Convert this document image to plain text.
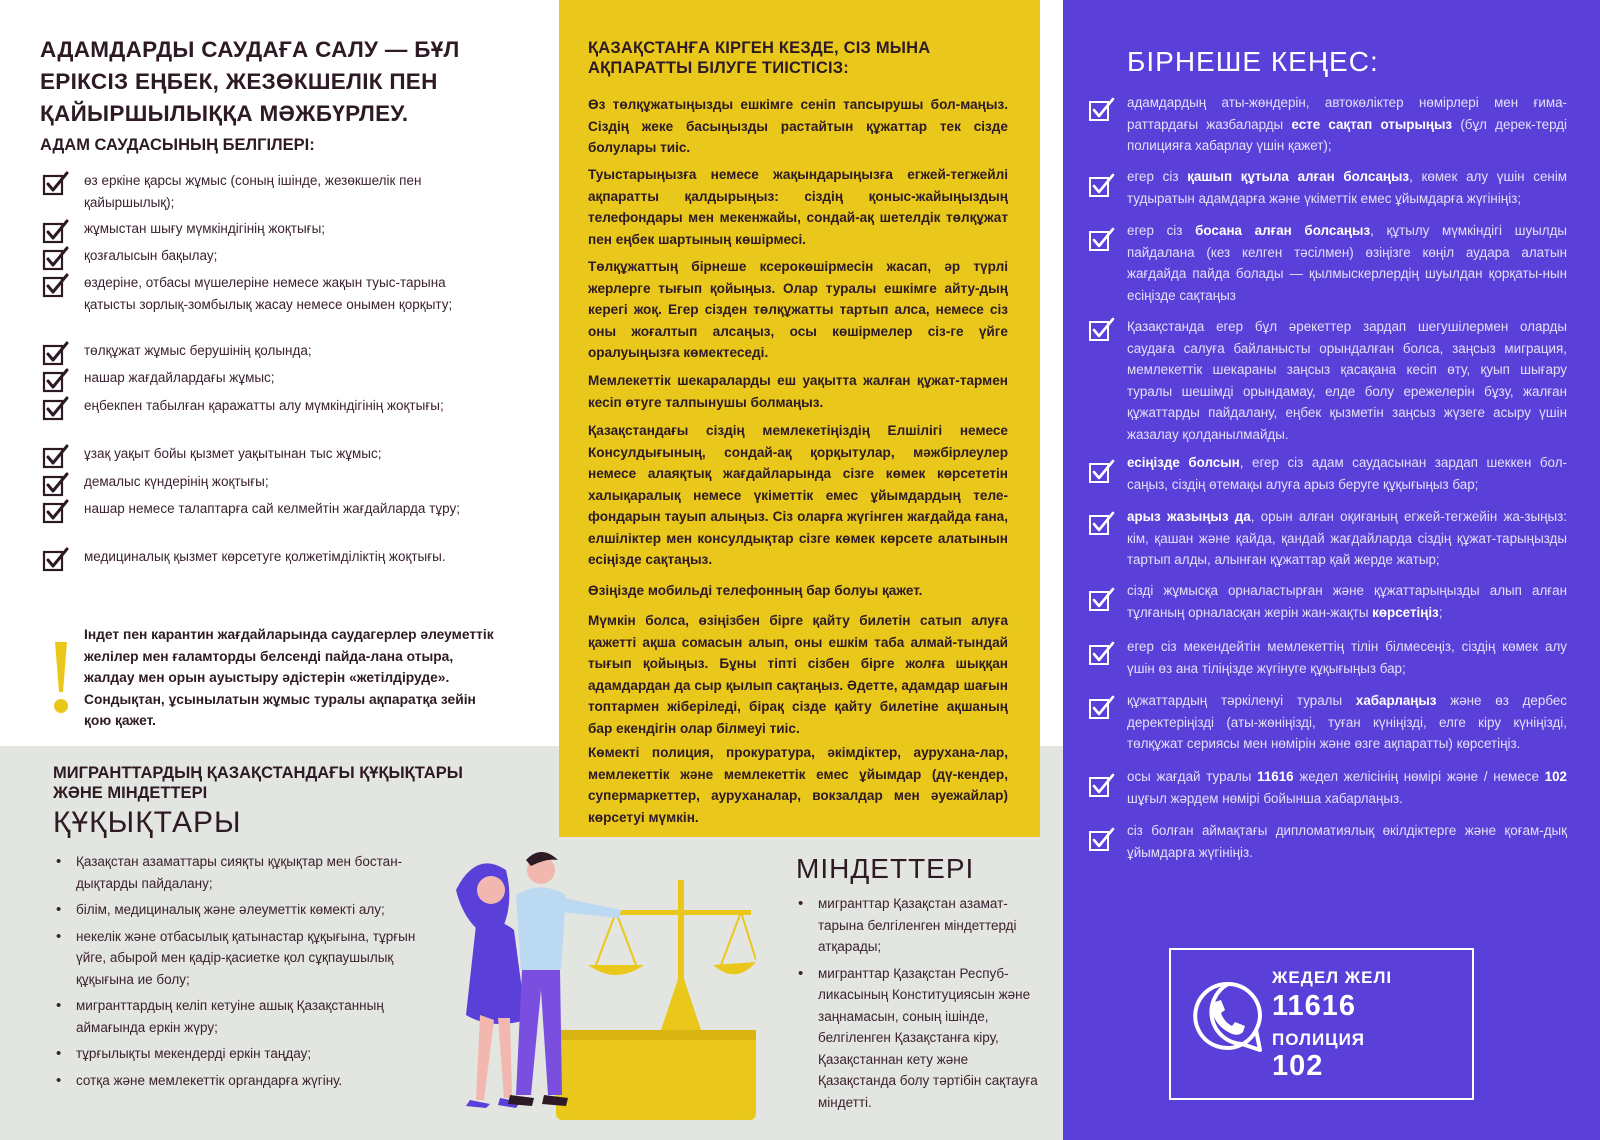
АДАМДАРДЫ САУДАҒА САЛУ — БҰЛ ЕРІКСІЗ ЕҢБЕК, ЖЕЗӨКШЕЛІК ПЕН ҚАЙЫРШЫЛЫҚҚА МӘЖБҮРЛЕУ.
АДАМ САУДАСЫНЫҢ БЕЛГІЛЕРІ:
өз еркіне қарсы жұмыс (соның ішінде, жезөкшелік пен қайыршылық);
жұмыстан шығу мүмкіндігінің жоқтығы;
қозғалысын бақылау;
өздеріне, отбасы мүшелеріне немесе жақын туыс-тарына қатысты зорлық-зомбылық жасау немесе онымен қорқыту;
төлқұжат жұмыс берушінің қолында;
нашар жағдайлардағы жұмыс;
еңбекпен табылған қаражатты алу мүмкіндігінің жоқтығы;
ұзақ уақыт бойы қызмет уақытынан тыс жұмыс;
демалыс күндерінің жоқтығы;
нашар немесе талаптарға сай келмейтін жағдайларда тұру;
медициналық қызмет көрсетуге қолжетімділіктің жоқтығы.
Індет пен карантин жағдайларында саудагерлер әлеуметтік желілер мен ғаламторды белсенді пайда-лана отыра, жалдау мен орын ауыстыру әдістерін «жетілдіруде». Сондықтан, ұсынылатын жұмыс туралы ақпаратқа зейін қою қажет.
МИГРАНТТАРДЫҢ ҚАЗАҚСТАНДАҒЫ ҚҰҚЫҚТАРЫ ЖӘНЕ МІНДЕТТЕРІ
ҚҰҚЫҚТАРЫ
• Қазақстан азаматтары сияқты құқықтар мен бостан-дықтарды пайдалану;
• білім, медициналық және әлеуметтік көмекті алу;
• некелік және отбасылық қатынастар құқығына, тұрғын үйге, абырой мен қадір-қасиетке қол сұқпаушылық құқығына ие болу;
• мигранттардың келіп кетуіне ашық Қазақстанның аймағында еркін жүру;
• тұрғылықты мекендерді еркін таңдау;
• сотқа және мемлекеттік органдарға жүгіну.
МІНДЕТТЕРІ
• мигранттар Қазақстан азамат-тарына белгіленген міндеттерді атқарады;
• мигранттар Қазақстан Респуб-ликасының Конституциясын және заңнамасын, соның ішінде, белгіленген Қазақстанға кіру, Қазақстаннан кету және Қазақстанда болу тәртібін сақтауға міндетті.
ҚАЗАҚСТАНҒА КІРГЕН КЕЗДЕ, СІЗ МЫНА АҚПАРАТТЫ БІЛУГЕ ТИІСТІСІЗ:

Өз төлқұжатыңызды ешкімге сеніп тапсырушы бол-маңыз. Сіздің жеке басыңызды растайтын құжаттар тек сізде болулары тиіс.

Туыстарыңызға немесе жақындарыңызға егжей-тегжейлі ақпаратты қалдырыңыз: сіздің қоныс-жайыңыздың телефондары мен мекенжайы, сондай-ақ шетелдік төлқұжат пен еңбек шартының көшірмесі.

Төлқұжаттың бірнеше ксерокөшірмесін жасап, әр түрлі жерлерге тығып қойыңыз. Олар туралы ешкімге айту-дың керегі жоқ. Егер сізден төлқұжатты тартып алса, немесе сіз оны жоғалтып алсаңыз, осы көшірмелер сіз-ге үйге оралуыңызға көмектеседі.

Мемлекеттік шекараларды еш уақытта жалған құжат-тармен кесіп өтуге талпынушы болмаңыз.

Қазақстандағы сіздің мемлекетіңіздің Елшілігі немесе Консулдығының, сондай-ақ қорқытулар, мәжбірлеулер немесе алаяқтық жағдайларында сізге көмек көрсететін халықаралық немесе үкіметтік емес ұйымдардың теле-фондарын тауып алыңыз. Сіз оларға жүгінген жағдайда ғана, елшіліктер мен консулдықтар сізге көмек көрсете алатынын есіңізде сақтаңыз.

Өзіңізде мобильді телефонның бар болуы қажет.

Мүмкін болса, өзіңізбен бірге қайту билетін сатып алуға қажетті ақша сомасын алып, оны ешкім таба алмай-тындай тығып қойыңыз. Бұны тіпті сізбен бірге жолға шыққан адамдардан да сыр қылып сақтаңыз. Әдетте, адамдар шағын топтармен жіберіледі, бірақ сізде қайту билетіне ақшаның бар екендігін олар білмеуі тиіс.

Көмекті полиция, прокуратура, әкімдіктер, аурухана-лар, мемлекеттік және мемлекеттік емес ұйымдар (дү-кендер, супермаркеттер, ауруханалар, вокзалдар мен әуежайлар) көрсетуі мүмкін.

БІРНЕШЕ КЕҢЕС:

адамдардың аты-жөндерін, автокөліктер нөмірлері мен ғима-раттардағы жазбаларды есте сақтап отырыңыз (бұл дерек-терді полицияға хабарлау үшін қажет);

егер сіз қашып құтыла алған болсаңыз, көмек алу үшін сенім тудыратын адамдарға және үкіметтік емес ұйымдарға жүгініңіз;

егер сіз босана алған болсаңыз, құтылу мүмкіндігі шуылды пайдалана (кез келген тәсілмен) өзіңізге көңіл аудара алатын жағдайда пайда болады — қылмыскерлердің шуылдан қорқаты-нын есіңізде сақтаңыз

Қазақстанда егер бұл әрекеттер зардап шегушілермен оларды саудаға салуға байланысты орындалған болса, заңсыз миграция, мемлекеттік шекараны заңсыз қасақана кесіп өту, қуып шығару туралы шешімді орындамау, елде болу ережелерін бұзу, жалған құжаттарды пайдалану, еңбек қызметін заңсыз жүзеге асыру үшін жазалау қолданылмайды.

есіңізде болсын, егер сіз адам саудасынан зардап шеккен бол-саңыз, сіздің өтемақы алуға арыз беруге құқығыңыз бар;

арыз жазыңыз да, орын алған оқиғаның егжей-тегжейін жа-зыңыз: кім, қашан және қайда, қандай жағдайларда сіздің құжат-тарыңызды тартып алды, алынған құжаттар қай жерде жатыр;

сізді жұмысқа орналастырған және құжаттарыңызды алып алған тұлғаның орналасқан жерін жан-жақты көрсетіңіз;

егер сіз мекендейтін мемлекеттің тілін білмесеңіз, сіздің көмек алу үшін өз ана тіліңізде жүгінуге құқығыңыз бар;

құжаттардың тәркіленуі туралы хабарлаңыз және өз дербес деректеріңізді (аты-жөніңізді, туған күніңізді, елге кіру күніңізді, төлқұжат сериясы мен нөмірін және өзге ақпаратты) көрсетіңіз.

осы жағдай туралы 11616 жедел желісінің нөмірі және / немесе 102 шұғыл жәрдем нөмірі бойынша хабарлаңыз.

сіз болған аймақтағы дипломатиялық өкілдіктерге және қоғам-дық ұйымдарға жүгініңіз.

ЖЕДЕЛ ЖЕЛІ
11616
ПОЛИЦИЯ
102
